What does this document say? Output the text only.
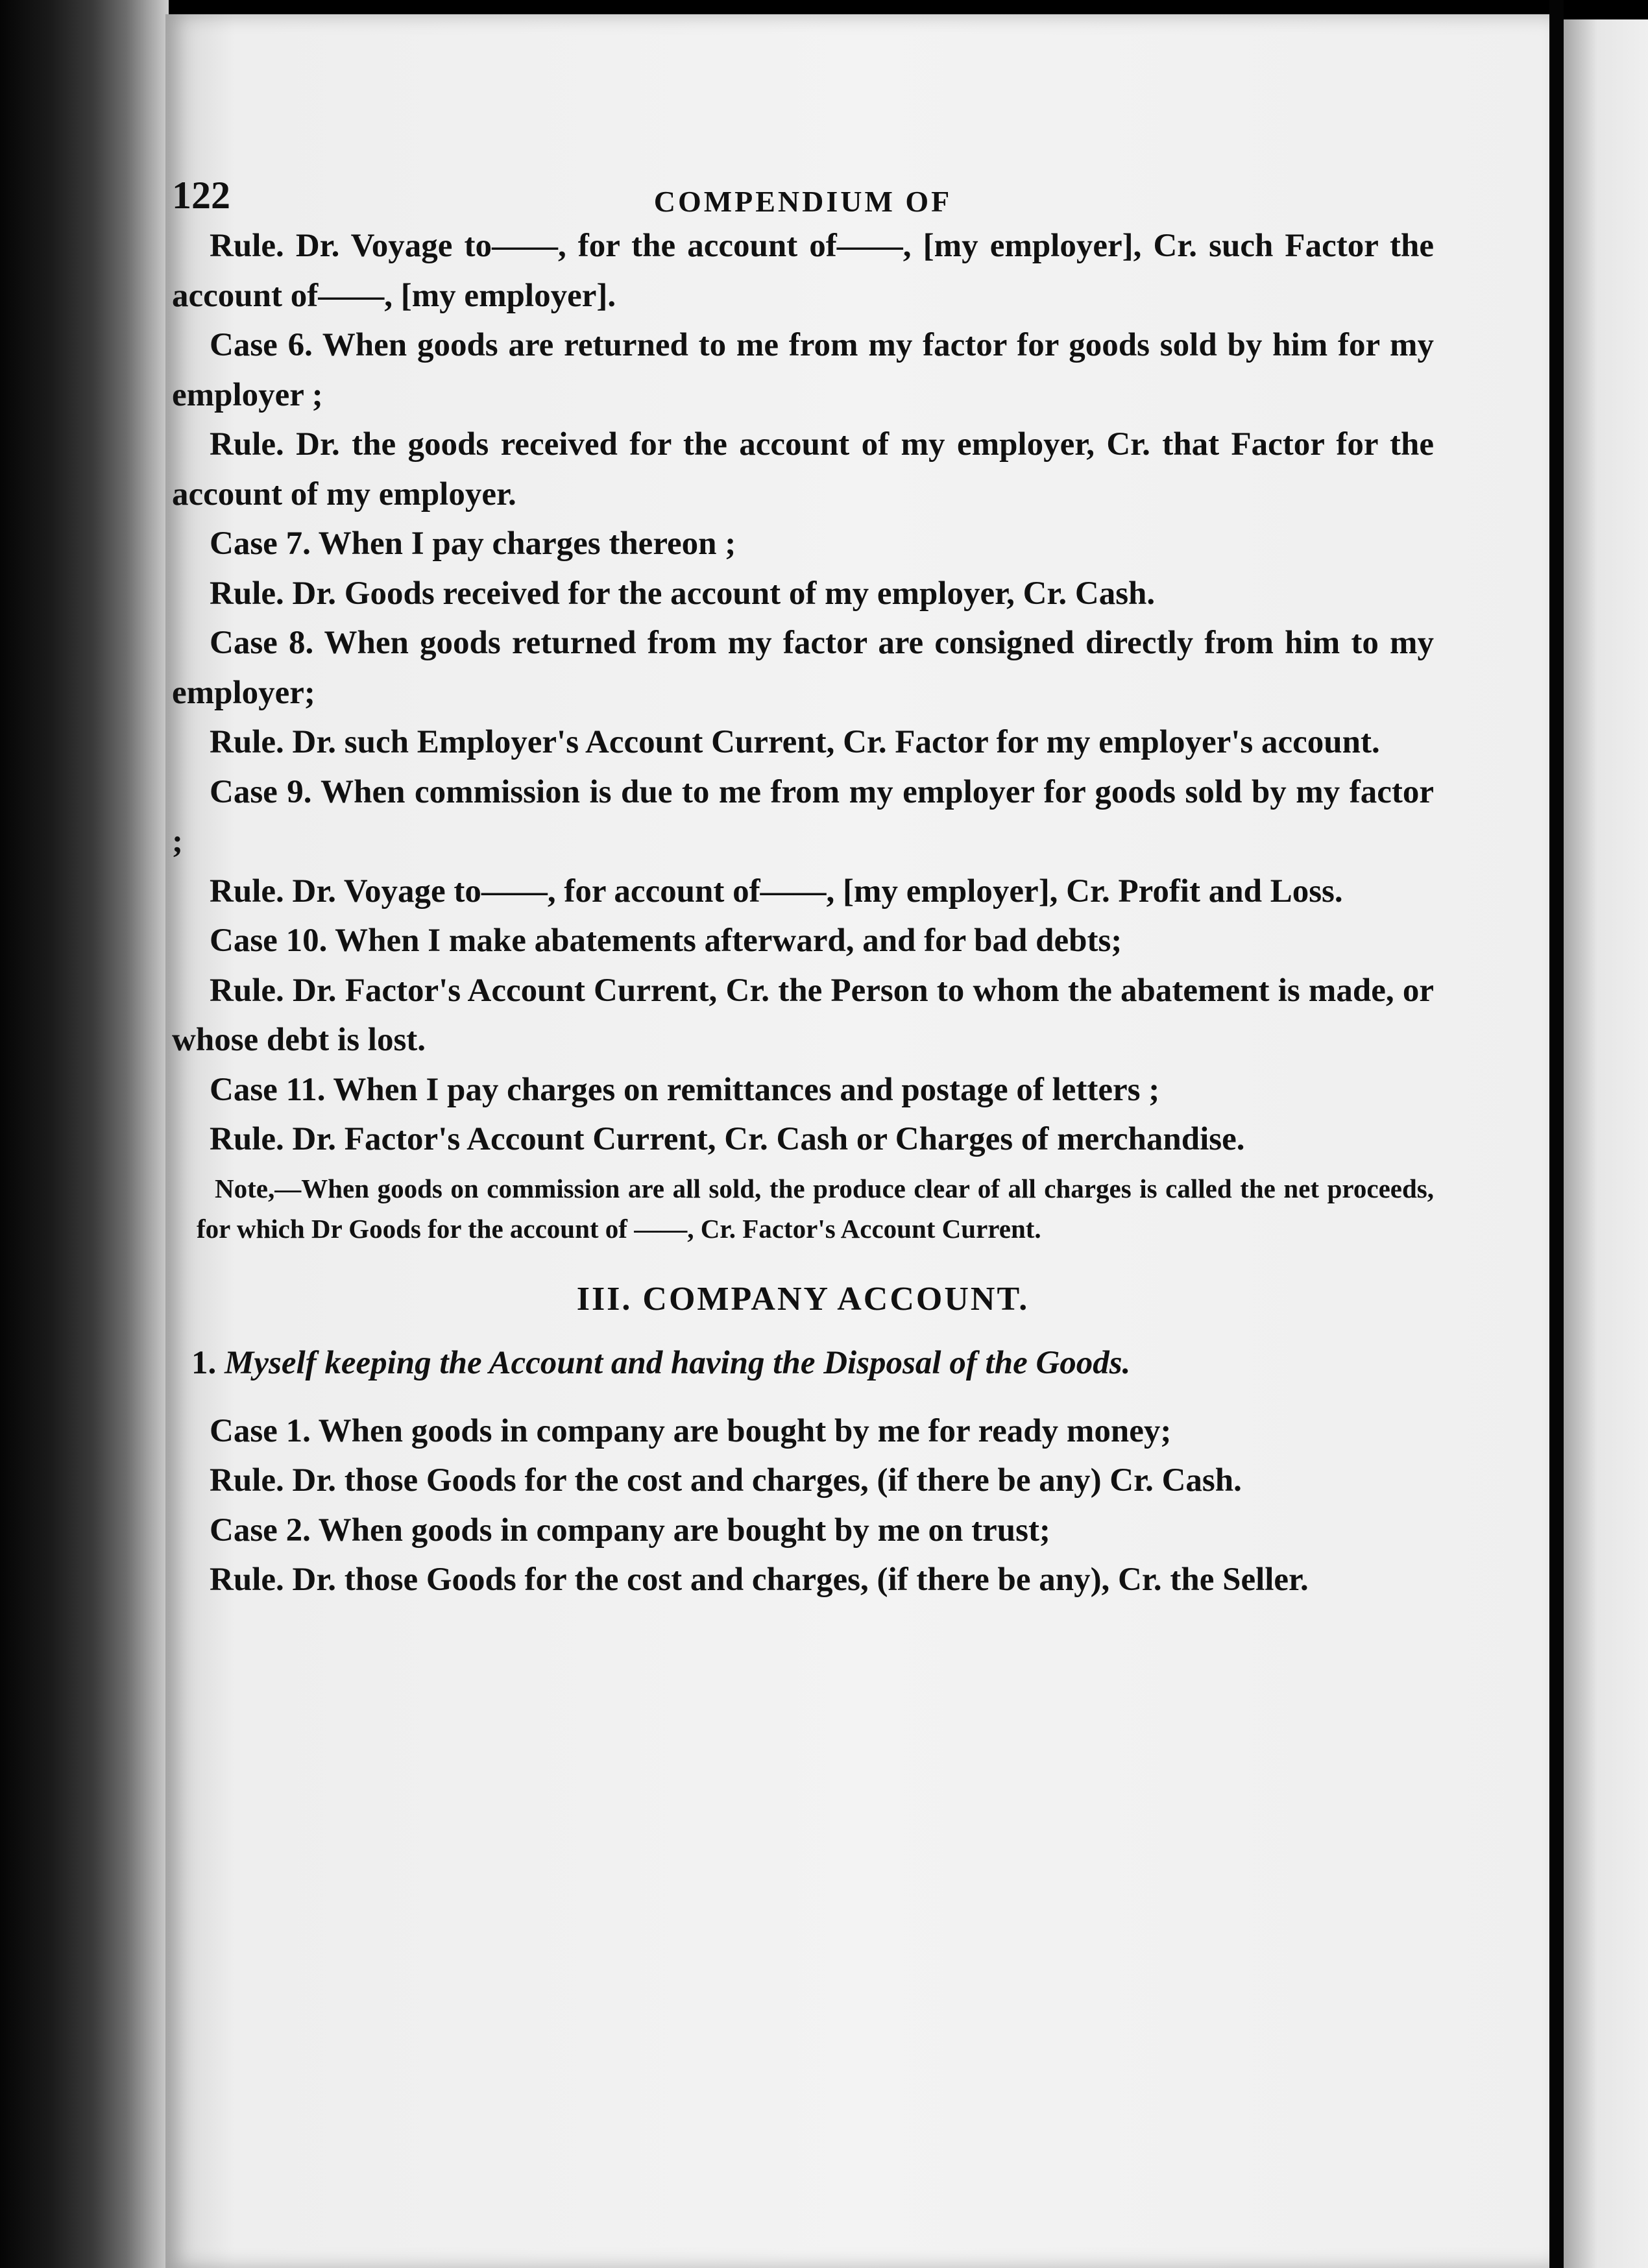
122	COMPENDIUM OF

Rule. Dr. Voyage to——, for the account of——, [my employer], Cr. such Factor the account of——, [my employer].

Case 6. When goods are returned to me from my factor for goods sold by him for my employer ;

Rule. Dr. the goods received for the account of my employer, Cr. that Factor for the account of my employer.

Case 7. When I pay charges thereon ;

Rule. Dr. Goods received for the account of my employer, Cr. Cash.

Case 8. When goods returned from my factor are consigned directly from him to my employer;

Rule. Dr. such Employer's Account Current, Cr. Factor for my employer's account.

Case 9. When commission is due to me from my employer for goods sold by my factor ;

Rule. Dr. Voyage to——, for account of——, [my employer], Cr. Profit and Loss.

Case 10. When I make abatements afterward, and for bad debts;

Rule. Dr. Factor's Account Current, Cr. the Person to whom the abatement is made, or whose debt is lost.

Case 11. When I pay charges on remittances and postage of letters ;

Rule. Dr. Factor's Account Current, Cr. Cash or Charges of merchandise.

Note,—When goods on commission are all sold, the produce clear of all charges is called the net proceeds, for which Dr Goods for the account of ——, Cr. Factor's Account Current.

III. COMPANY ACCOUNT.

1. Myself keeping the Account and having the Disposal of the Goods.

Case 1. When goods in company are bought by me for ready money;

Rule. Dr. those Goods for the cost and charges, (if there be any) Cr. Cash.

Case 2. When goods in company are bought by me on trust;

Rule. Dr. those Goods for the cost and charges, (if there be any), Cr. the Seller.
